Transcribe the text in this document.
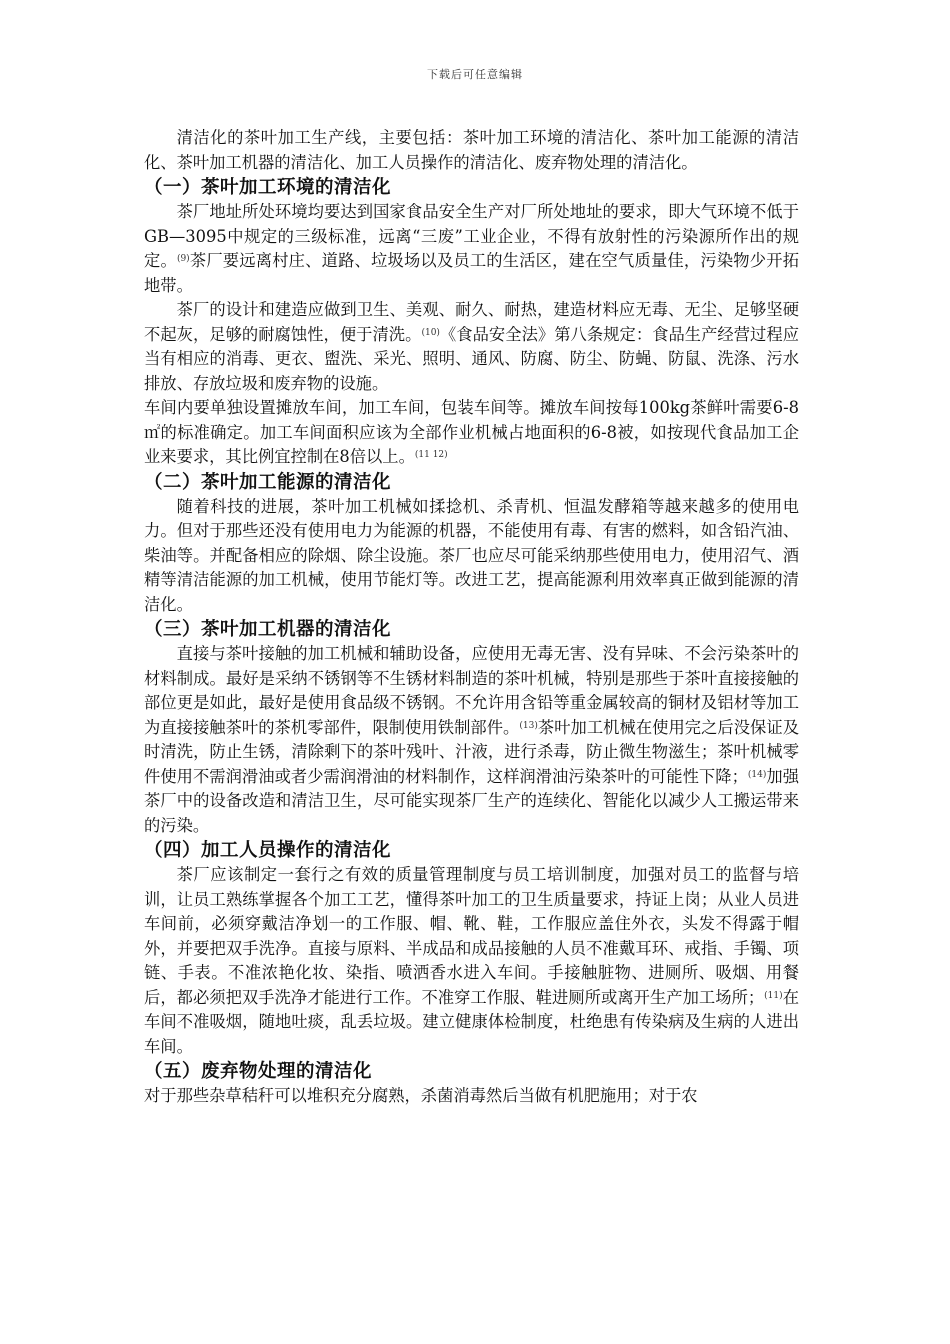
下载后可任意编辑

清洁化的茶叶加工生产线，主要包括：茶叶加工环境的清洁化、茶叶加工能源的清洁化、茶叶加工机器的清洁化、加工人员操作的清洁化、废弃物处理的清洁化。

（一）茶叶加工环境的清洁化

茶厂地址所处环境均要达到国家食品安全生产对厂所处地址的要求，即大气环境不低于GB—3095中规定的三级标准，远离“三废”工业企业，不得有放射性的污染源所作出的规定。$^{(9)}$茶厂要远离村庄、道路、垃圾场以及员工的生活区，建在空气质量佳，污染物少开拓地带。

茶厂的设计和建造应做到卫生、美观、耐久、耐热，建造材料应无毒、无尘、足够坚硬不起灰，足够的耐腐蚀性，便于清洗。$^{(10)}$《食品安全法》第八条规定：食品生产经营过程应当有相应的消毒、更衣、盥洗、采光、照明、通风、防腐、防尘、防蝇、防鼠、洗涤、污水排放、存放垃圾和废弃物的设施。

车间内要单独设置摊放车间，加工车间，包装车间等。摊放车间按每100kg茶鲜叶需要6-8㎡的标准确定。加工车间面积应该为全部作业机械占地面积的6-8被，如按现代食品加工企业来要求，其比例宜控制在8倍以上。$^{(11 12)}$

（二）茶叶加工能源的清洁化

随着科技的进展，茶叶加工机械如揉捻机、杀青机、恒温发酵箱等越来越多的使用电力。但对于那些还没有使用电力为能源的机器，不能使用有毒、有害的燃料，如含铅汽油、柴油等。并配备相应的除烟、除尘设施。茶厂也应尽可能采纳那些使用电力，使用沼气、酒精等清洁能源的加工机械，使用节能灯等。改进工艺，提高能源利用效率真正做到能源的清洁化。

（三）茶叶加工机器的清洁化

直接与茶叶接触的加工机械和辅助设备，应使用无毒无害、没有异味、不会污染茶叶的材料制成。最好是采纳不锈钢等不生锈材料制造的茶叶机械，特别是那些于茶叶直接接触的部位更是如此，最好是使用食品级不锈钢。不允许用含铅等重金属较高的铜材及铝材等加工为直接接触茶叶的茶机零部件，限制使用铁制部件。$^{(13)}$茶叶加工机械在使用完之后没保证及时清洗，防止生锈，清除剩下的茶叶残叶、汁液，进行杀毒，防止微生物滋生；茶叶机械零件使用不需润滑油或者少需润滑油的材料制作，这样润滑油污染茶叶的可能性下降；$^{(14)}$加强茶厂中的设备改造和清洁卫生，尽可能实现茶厂生产的连续化、智能化以减少人工搬运带来的污染。

（四）加工人员操作的清洁化

茶厂应该制定一套行之有效的质量管理制度与员工培训制度，加强对员工的监督与培训，让员工熟练掌握各个加工工艺，懂得茶叶加工的卫生质量要求，持证上岗；从业人员进车间前，必须穿戴洁净划一的工作服、帽、靴、鞋，工作服应盖住外衣，头发不得露于帽外，并要把双手洗净。直接与原料、半成品和成品接触的人员不准戴耳环、戒指、手镯、项链、手表。不准浓艳化妆、染指、喷洒香水进入车间。手接触脏物、进厕所、吸烟、用餐后，都必须把双手洗净才能进行工作。不准穿工作服、鞋进厕所或离开生产加工场所；$^{(11)}$在车间不准吸烟，随地吐痰，乱丢垃圾。建立健康体检制度，杜绝患有传染病及生病的人进出车间。

（五）废弃物处理的清洁化

对于那些杂草秸秆可以堆积充分腐熟，杀菌消毒然后当做有机肥施用；对于农
